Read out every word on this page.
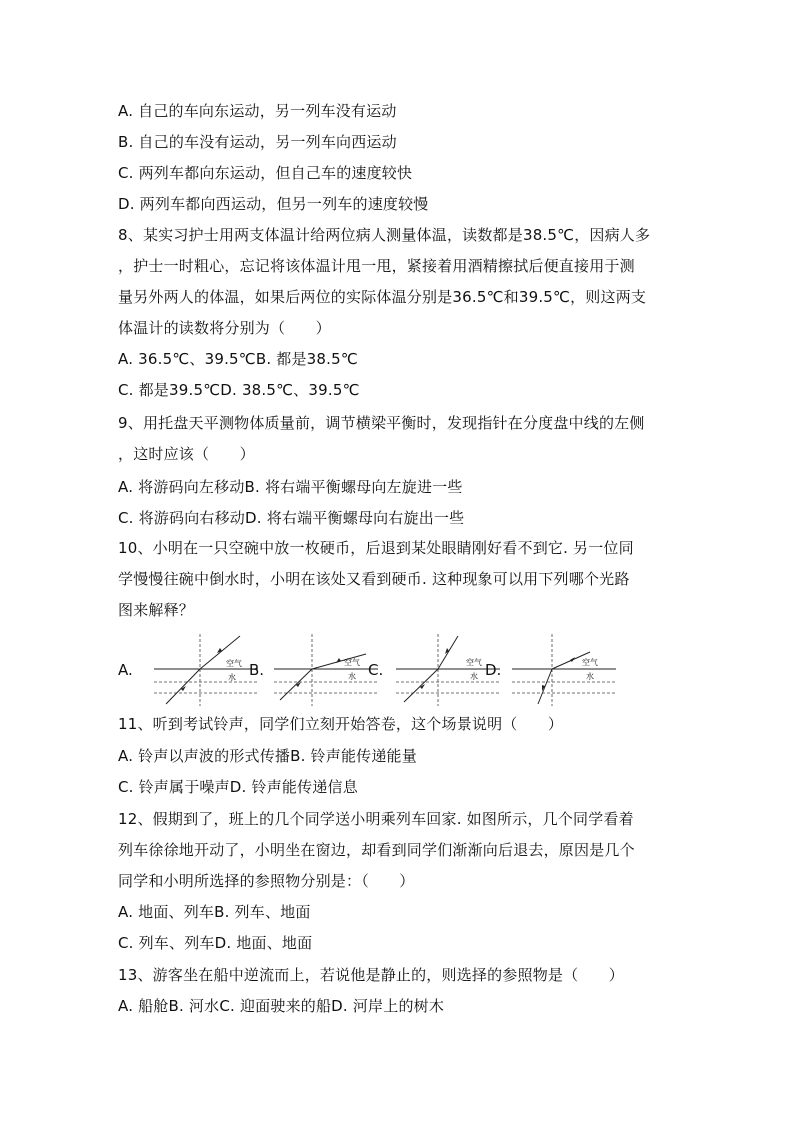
A. 自己的车向东运动，另一列车没有运动
B. 自己的车没有运动，另一列车向西运动
C. 两列车都向东运动，但自己车的速度较快
D. 两列车都向西运动，但另一列车的速度较慢
8、某实习护士用两支体温计给两位病人测量体温，读数都是38.5℃，因病人多
，护士一时粗心，忘记将该体温计甩一甩，紧接着用酒精擦拭后便直接用于测
量另外两人的体温，如果后两位的实际体温分别是36.5℃和39.5℃，则这两支
体温计的读数将分别为（　　）
A. 36.5℃、39.5℃B. 都是38.5℃
C. 都是39.5℃D. 38.5℃、39.5℃
9、用托盘天平测物体质量前，调节横梁平衡时，发现指针在分度盘中线的左侧
，这时应该（　　）
A. 将游码向左移动B. 将右端平衡螺母向左旋进一些
C. 将游码向右移动D. 将右端平衡螺母向右旋出一些
10、小明在一只空碗中放一枚硬币，后退到某处眼睛刚好看不到它. 另一位同
学慢慢往碗中倒水时，小明在该处又看到硬币. 这种现象可以用下列哪个光路
图来解释？
A.	空气
水 B.	空气
水 C.	空气
水 D.	空气
水
11、听到考试铃声，同学们立刻开始答卷，这个场景说明（　　）
A. 铃声以声波的形式传播B. 铃声能传递能量
C. 铃声属于噪声D. 铃声能传递信息
12、假期到了，班上的几个同学送小明乘列车回家. 如图所示，几个同学看着
列车徐徐地开动了，小明坐在窗边，却看到同学们渐渐向后退去，原因是几个
同学和小明所选择的参照物分别是：（　　）
A. 地面、列车B. 列车、地面
C. 列车、列车D. 地面、地面
13、游客坐在船中逆流而上，若说他是静止的，则选择的参照物是（　　）
A. 船舱B. 河水C. 迎面驶来的船D. 河岸上的树木
